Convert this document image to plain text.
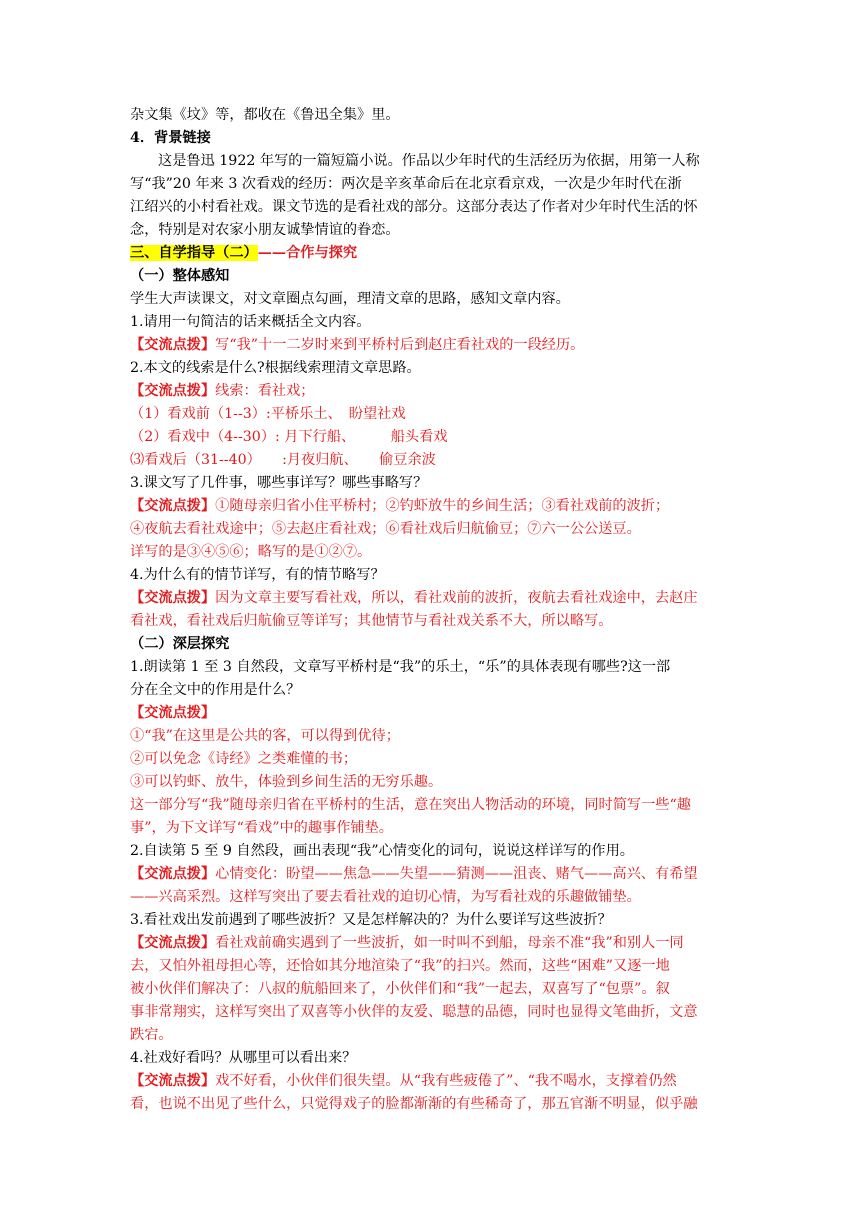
杂文集《坟》等，都收在《鲁迅全集》里。
4．背景链接
这是鲁迅 1922 年写的一篇短篇小说。作品以少年时代的生活经历为依据，用第一人称
写“我”20 年来 3 次看戏的经历：两次是辛亥革命后在北京看京戏，一次是少年时代在浙
江绍兴的小村看社戏。课文节选的是看社戏的部分。这部分表达了作者对少年时代生活的怀
念，特别是对农家小朋友诚挚情谊的眷恋。
三、自学指导（二）——合作与探究
（一）整体感知
学生大声读课文，对文章圈点勾画，理清文章的思路，感知文章内容。
1.请用一句简洁的话来概括全文内容。
【交流点拨】写“我”十一二岁时来到平桥村后到赵庄看社戏的一段经历。
2.本文的线索是什么?根据线索理清文章思路。
【交流点拨】线索：看社戏；
（1）看戏前（1--3）:平桥乐土、　盼望社戏
（2）看戏中（4--30）: 月下行船、　　　船头看戏
⑶看戏后（31--40）　　:月夜归航、　　偷豆余波
3.课文写了几件事，哪些事详写？哪些事略写？
【交流点拨】①随母亲归省小住平桥村；②钓虾放牛的乡间生活；③看社戏前的波折；
④夜航去看社戏途中；⑤去赵庄看社戏；⑥看社戏后归航偷豆；⑦六一公公送豆。
详写的是③④⑤⑥；略写的是①②⑦。
4.为什么有的情节详写，有的情节略写？
【交流点拨】因为文章主要写看社戏，所以，看社戏前的波折，夜航去看社戏途中，去赵庄
看社戏，看社戏后归航偷豆等详写；其他情节与看社戏关系不大，所以略写。
（二）深层探究
1.朗读第 1 至 3 自然段，文章写平桥村是“我”的乐土，“乐”的具体表现有哪些?这一部
分在全文中的作用是什么？
【交流点拨】
①“我”在这里是公共的客，可以得到优待；
②可以免念《诗经》之类难懂的书；
③可以钓虾、放牛，体验到乡间生活的无穷乐趣。
这一部分写“我”随母亲归省在平桥村的生活，意在突出人物活动的环境，同时简写一些“趣
事”，为下文详写“看戏”中的趣事作铺垫。
2.自读第 5 至 9 自然段，画出表现“我”心情变化的词句，说说这样详写的作用。
【交流点拨】心情变化：盼望——焦急——失望——猜测——沮丧、赌气——高兴、有希望
——兴高采烈。这样写突出了要去看社戏的迫切心情，为写看社戏的乐趣做铺垫。
3.看社戏出发前遇到了哪些波折？又是怎样解决的？为什么要详写这些波折？
【交流点拨】看社戏前确实遇到了一些波折，如一时叫不到船，母亲不准“我”和别人一同
去，又怕外祖母担心等，还恰如其分地渲染了“我”的扫兴。然而，这些“困难”又逐一地
被小伙伴们解决了：八叔的航船回来了，小伙伴们和“我”一起去，双喜写了“包票”。叙
事非常翔实，这样写突出了双喜等小伙伴的友爱、聪慧的品德，同时也显得文笔曲折，文意
跌宕。
4.社戏好看吗？从哪里可以看出来？
【交流点拨】戏不好看，小伙伴们很失望。从“我有些疲倦了”、“我不喝水，支撑着仍然
看，也说不出见了些什么，只觉得戏子的脸都渐渐的有些稀奇了，那五官渐不明显，似乎融
